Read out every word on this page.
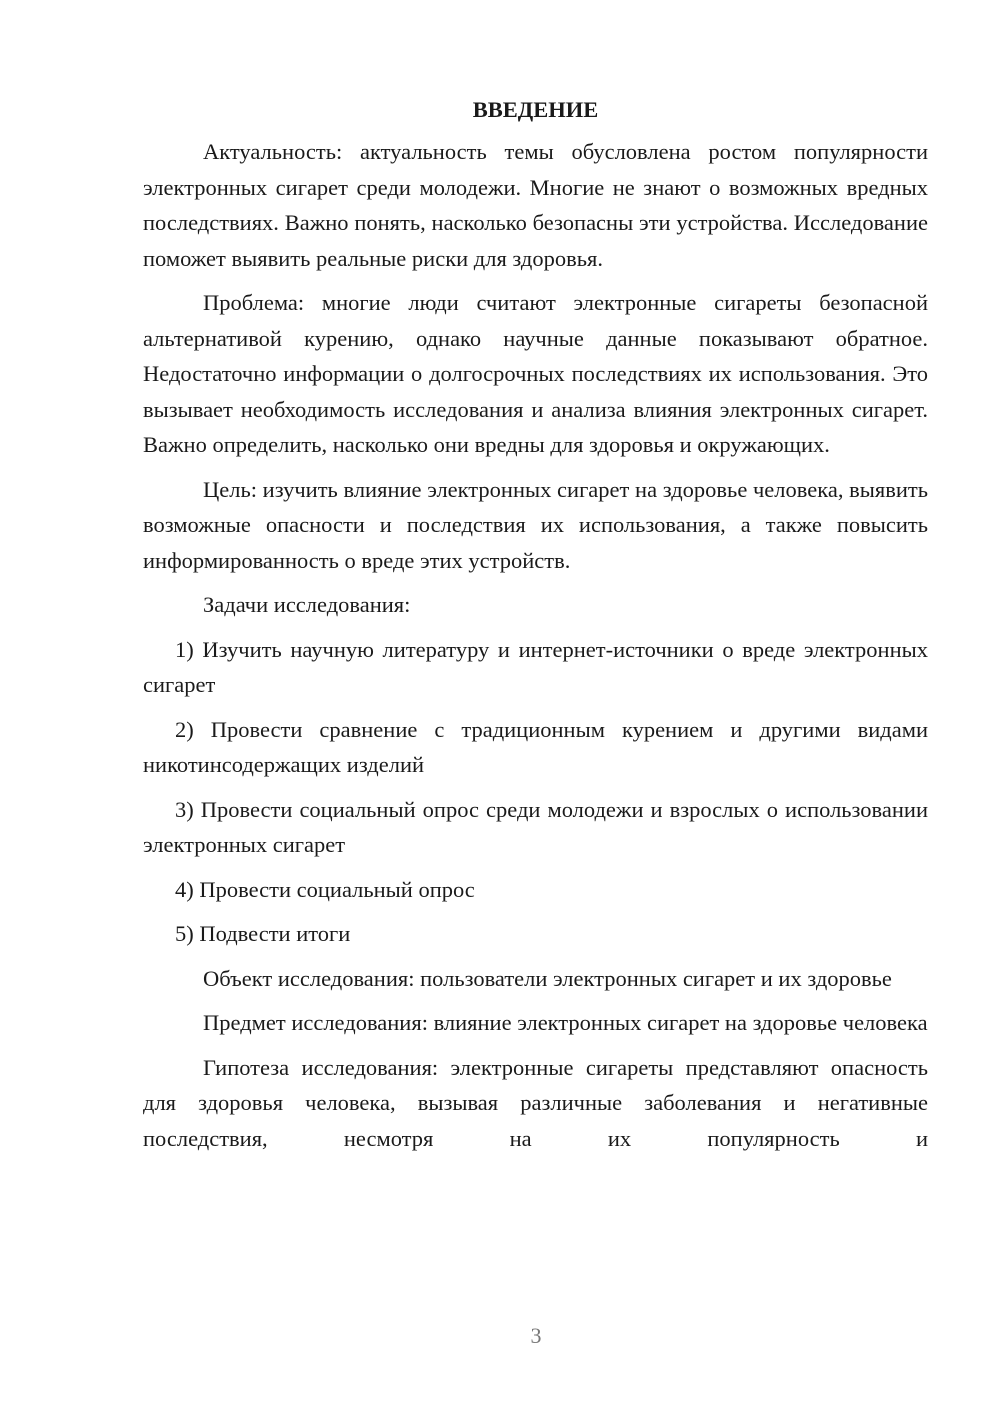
ВВЕДЕНИЕ

Актуальность: актуальность темы обусловлена ростом популярности электронных сигарет среди молодежи. Многие не знают о возможных вредных последствиях. Важно понять, насколько безопасны эти устройства. Исследование поможет выявить реальные риски для здоровья.

Проблема: многие люди считают электронные сигареты безопасной альтернативой курению, однако научные данные показывают обратное. Недостаточно информации о долгосрочных последствиях их использования. Это вызывает необходимость исследования и анализа влияния электронных сигарет. Важно определить, насколько они вредны для здоровья и окружающих.

Цель: изучить влияние электронных сигарет на здоровье человека, выявить возможные опасности и последствия их использования, а также повысить информированность о вреде этих устройств.

Задачи исследования:

1) Изучить научную литературу и интернет-источники о вреде электронных сигарет

2) Провести сравнение с традиционным курением и другими видами никотинсодержащих изделий

3) Провести социальный опрос среди молодежи и взрослых о использовании электронных сигарет

4) Провести социальный опрос

5) Подвести итоги

Объект исследования: пользователи электронных сигарет и их здоровье

Предмет исследования: влияние электронных сигарет на здоровье человека

Гипотеза исследования: электронные сигареты представляют опасность для здоровья человека, вызывая различные заболевания и негативные последствия, несмотря на их популярность и

3
